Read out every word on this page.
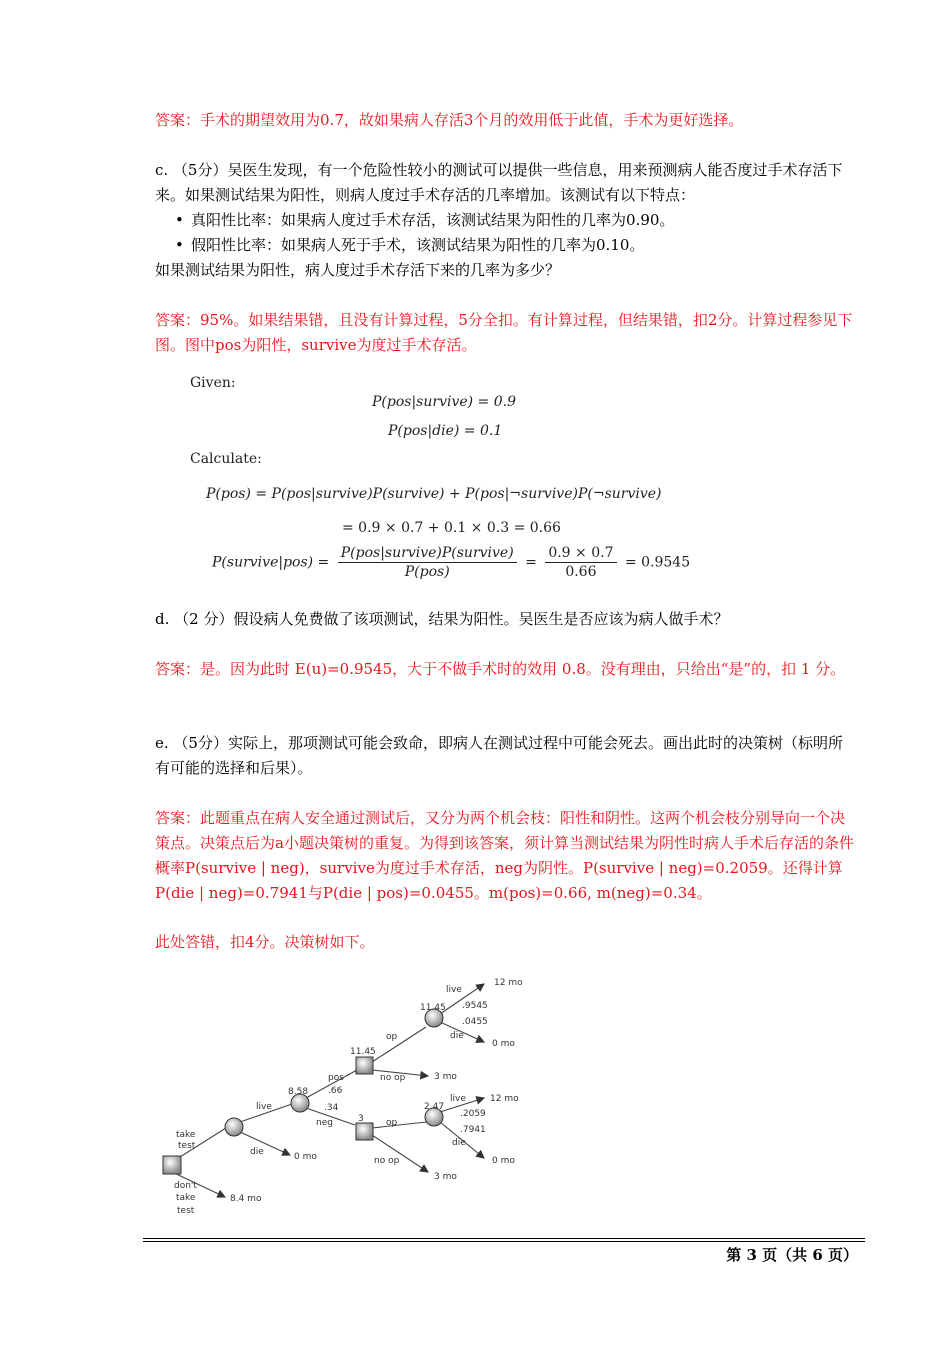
答案：手术的期望效用为0.7，故如果病人存活3个月的效用低于此值，手术为更好选择。

c. （5分）吴医生发现，有一个危险性较小的测试可以提供一些信息，用来预测病人能否度过手术存活下来。如果测试结果为阳性，则病人度过手术存活的几率增加。该测试有以下特点：

• 真阳性比率：如果病人度过手术存活，该测试结果为阳性的几率为0.90。

• 假阳性比率：如果病人死于手术，该测试结果为阳性的几率为0.10。

如果测试结果为阳性，病人度过手术存活下来的几率为多少？

答案：95%。如果结果错，且没有计算过程，5分全扣。有计算过程，但结果错，扣2分。计算过程参见下图。图中pos为阳性，survive为度过手术存活。

Given:
P(pos|survive) = 0.9
P(pos|die) = 0.1
Calculate:
P(pos) = P(pos|survive)P(survive) + P(pos|¬survive)P(¬survive)
= 0.9 × 0.7 + 0.1 × 0.3 = 0.66
P(survive|pos) = $\frac{\text{P(pos|survive)P(survive)}}{\text{P(pos)}} = \frac{0.9 \times 0.7}{0.66} = 0.9545$

d. （2 分）假设病人免费做了该项测试，结果为阳性。吴医生是否应该为病人做手术？

答案：是。因为此时 E(u)=0.9545，大于不做手术时的效用 0.8。没有理由，只给出“是”的，扣 1 分。

e. （5分）实际上，那项测试可能会致命，即病人在测试过程中可能会死去。画出此时的决策树（标明所有可能的选择和后果）。

答案：此题重点在病人安全通过测试后，又分为两个机会枝：阳性和阴性。这两个机会枝分别导向一个决策点。决策点后为a小题决策树的重复。为得到该答案，须计算当测试结果为阴性时病人手术后存活的条件概率P(survive | neg)，survive为度过手术存活，neg为阴性。P(survive | neg)=0.2059。还得计算P(die | neg)=0.7941与P(die | pos)=0.0455。m(pos)=0.66, m(neg)=0.34。

此处答错，扣4分。决策树如下。

take
test
don't
take
test
8.4 mo
live
die	0 mo
8.58
pos
.66
.34
neg
11.45
op
no op	3 mo
11.45
live
.9545
.0455
die
12 mo
0 mo
3 op
no op
3 mo
2.47
live
.2059
.7941
die
12 mo
0 mo
第 3 页（共 6 页）
